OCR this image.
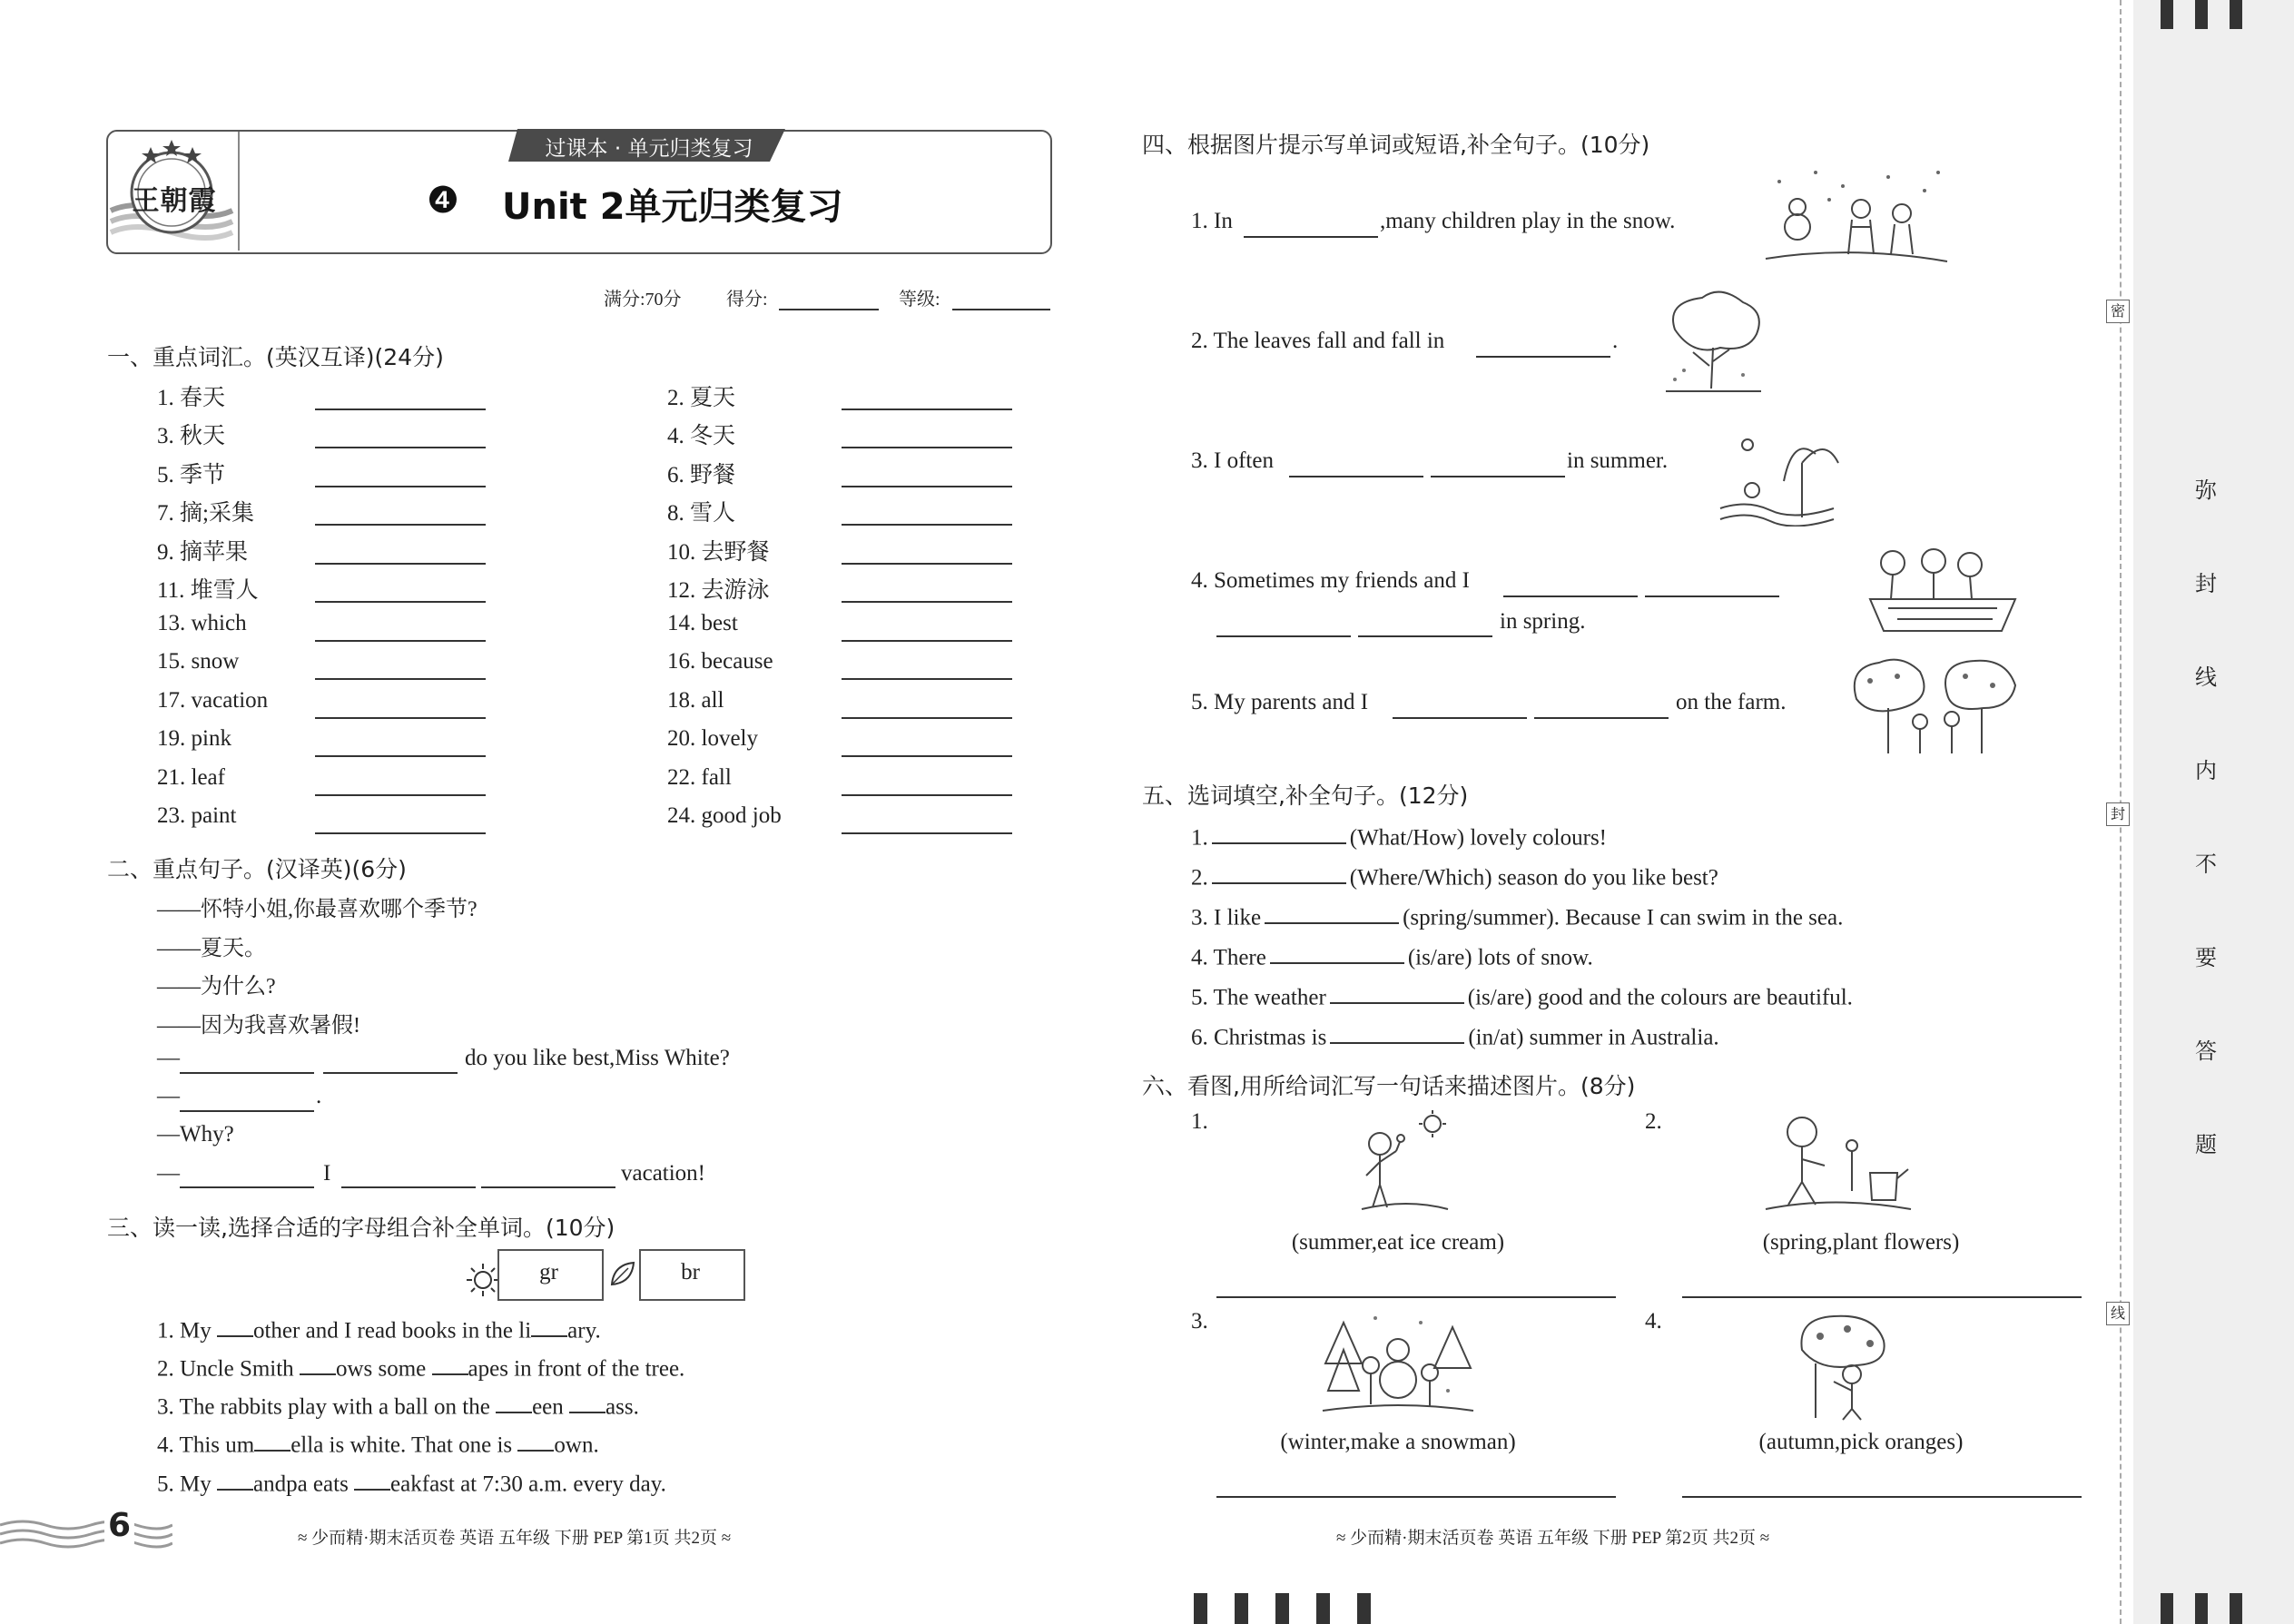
王朝霞
过课本 · 单元归类复习
❹ Unit 2单元归类复习
满分:70分 得分:	等级:
一、重点词汇。(英汉互译)(24分)
1. 春天	2. 夏天
3. 秋天	4. 冬天
5. 季节	6. 野餐
7. 摘;采集	8. 雪人
9. 摘苹果	10. 去野餐
11. 堆雪人	12. 去游泳
13. which	14. best
15. snow	16. because
17. vacation	18. all
19. pink	20. lovely
21. leaf	22. fall
23. paint	24. good job
二、重点句子。(汉译英)(6分)
——怀特小姐,你最喜欢哪个季节?
——夏天。
——为什么?
——因为我喜欢暑假!
—	do you like best,Miss White?
—	.
—Why?
—	I	vacation!
三、读一读,选择合适的字母组合补全单词。(10分)
gr	br
1. My other and I read books in the li ary.
2. Uncle Smith ows some apes in front of the tree.
3. The rabbits play with a ball on the een ass.
4. This um ella is white. That one is own.
5. My andpa eats eakfast at 7:30 a.m. every day.
四、根据图片提示写单词或短语,补全句子。(10分)
1. In	,many children play in the snow.
2. The leaves fall and fall in	.
3. I often	in summer.
4. Sometimes my friends and I
in spring.
5. My parents and I	on the farm.
五、选词填空,补全句子。(12分)
1.	(What/How) lovely colours!
2.	(Where/Which) season do you like best?
3. I like	(spring/summer). Because I can swim in the sea.
4. There	(is/are) lots of snow.
5. The weather	(is/are) good and the colours are beautiful.
6. Christmas is	(in/at) summer in Australia.
六、看图,用所给词汇写一句话来描述图片。(8分)
1.	2.
3.	4.
(summer,eat ice cream)	(spring,plant flowers)
(winter,make a snowman)	(autumn,pick oranges)
6	≈ 少而精·期末活页卷 英语 五年级 下册 PEP 第1页 共2页 ≈	≈ 少而精·期末活页卷 英语 五年级 下册 PEP 第2页 共2页 ≈
密
封
线
弥
封
线
内
不
要
答
题
